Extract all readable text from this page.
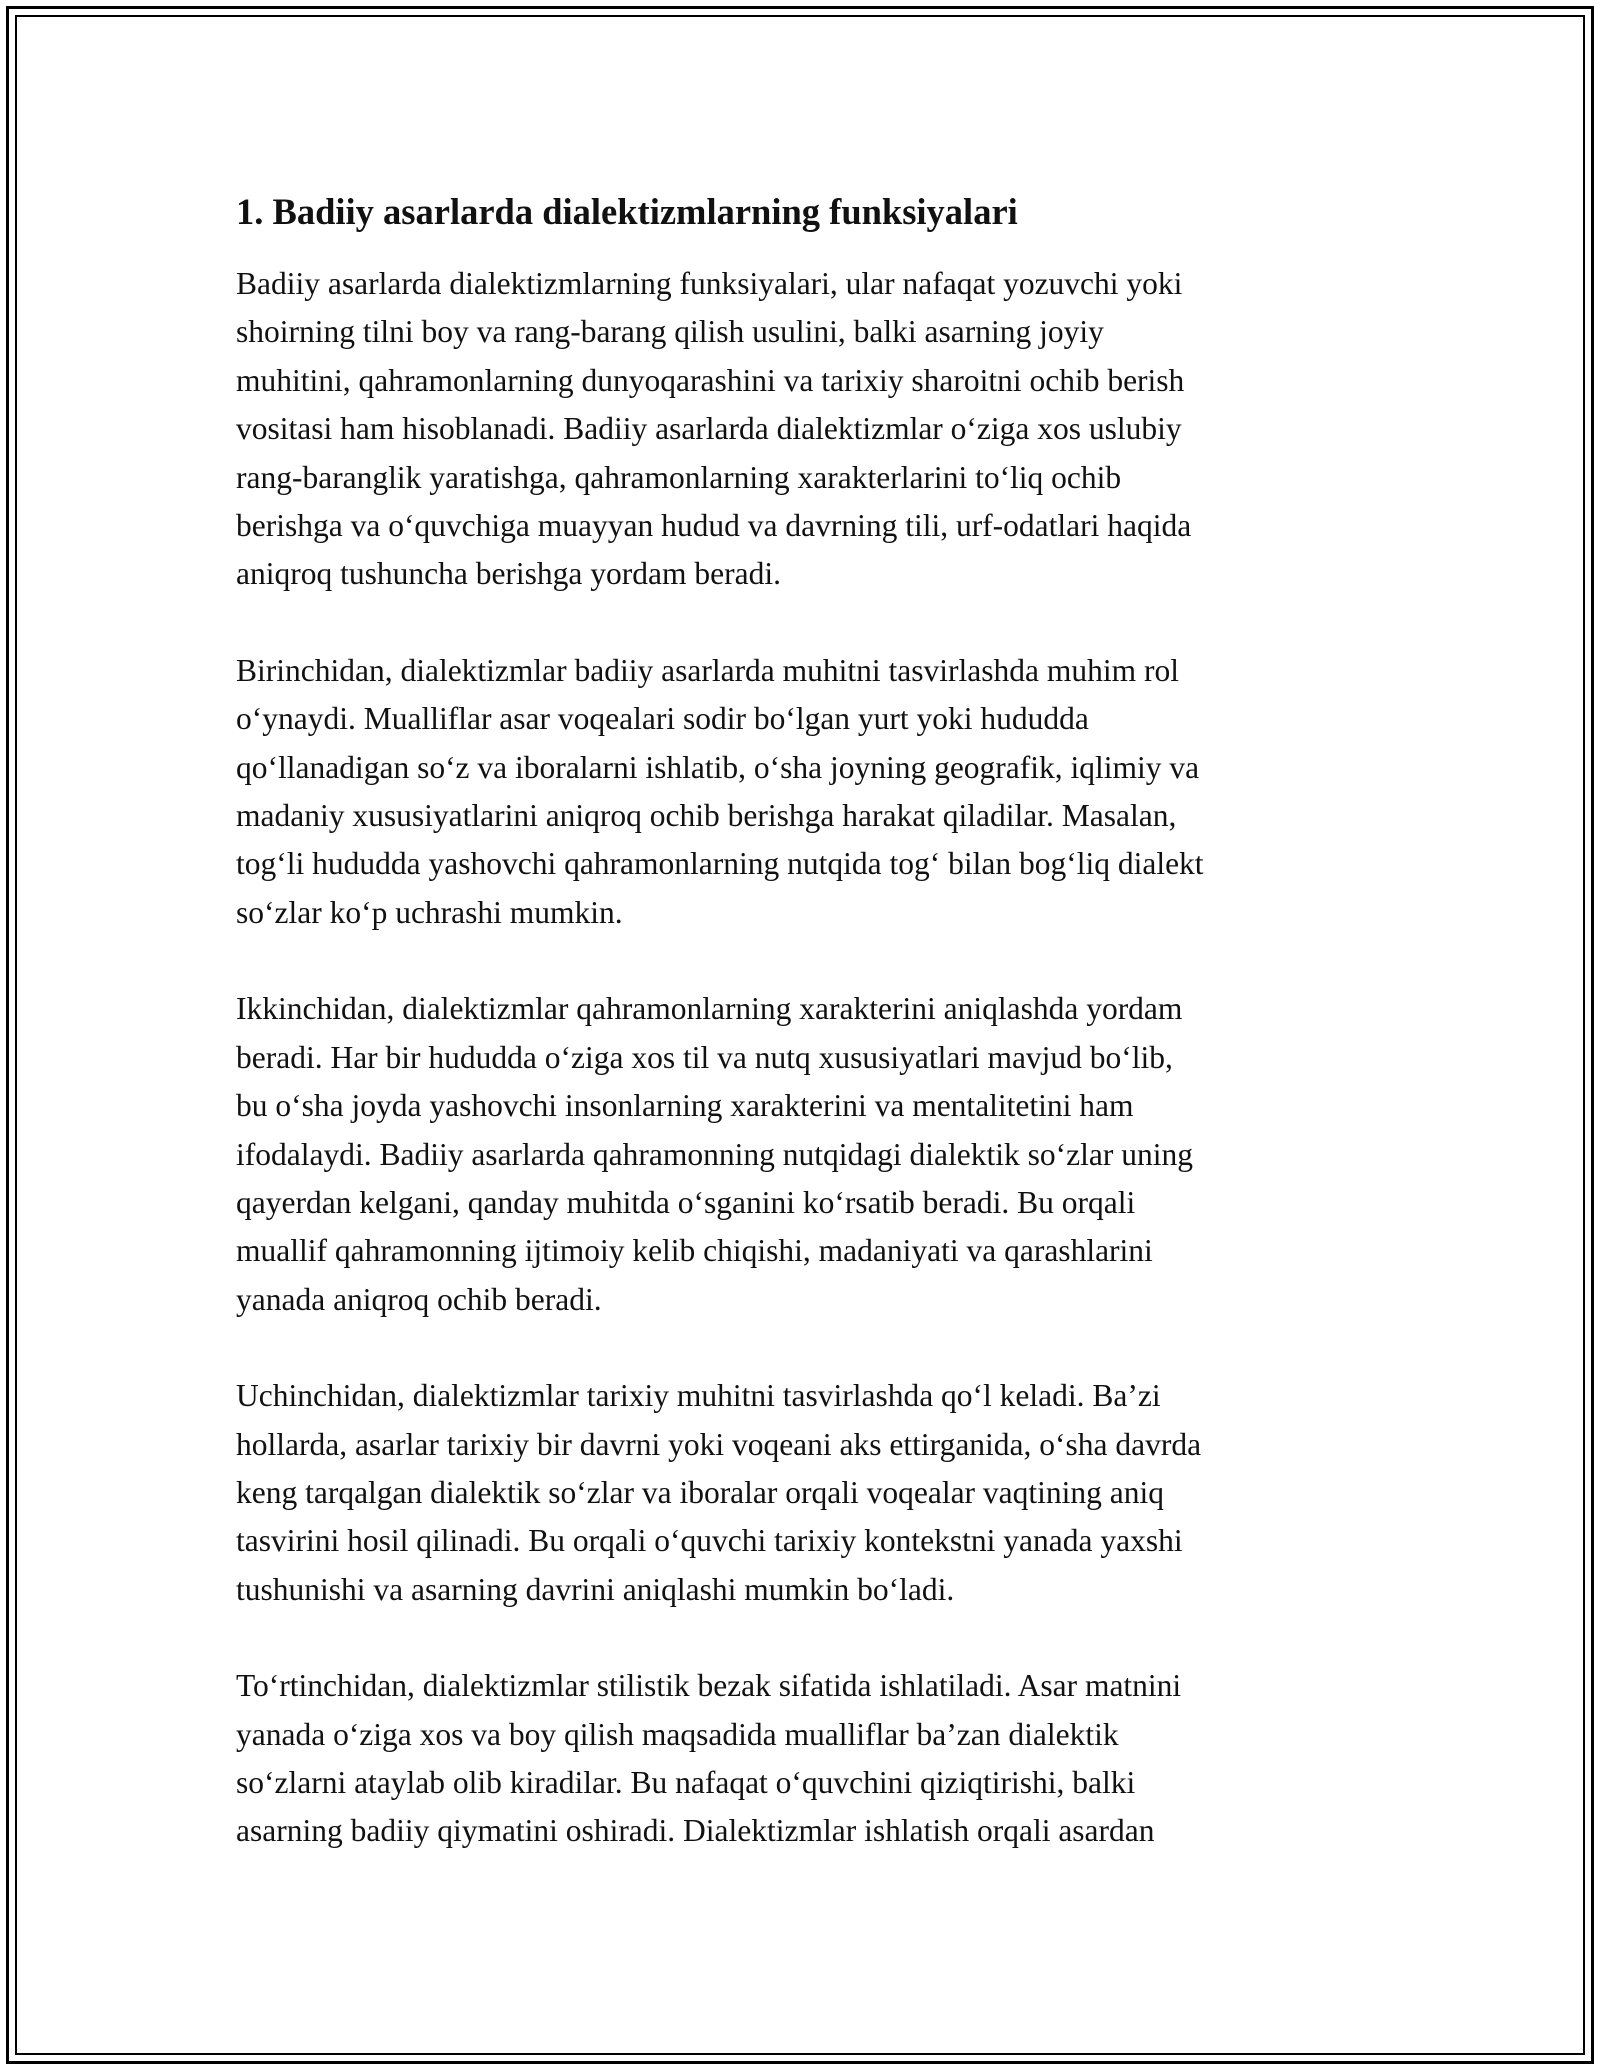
1. Badiiy asarlarda dialektizmlarning funksiyalari
Badiiy asarlarda dialektizmlarning funksiyalari, ular nafaqat yozuvchi yoki
shoirning tilni boy va rang-barang qilish usulini, balki asarning joyiy
muhitini, qahramonlarning dunyoqarashini va tarixiy sharoitni ochib berish
vositasi ham hisoblanadi. Badiiy asarlarda dialektizmlar o‘ziga xos uslubiy
rang-baranglik yaratishga, qahramonlarning xarakterlarini to‘liq ochib
berishga va o‘quvchiga muayyan hudud va davrning tili, urf-odatlari haqida
aniqroq tushuncha berishga yordam beradi.
Birinchidan, dialektizmlar badiiy asarlarda muhitni tasvirlashda muhim rol
o‘ynaydi. Mualliflar asar voqealari sodir bo‘lgan yurt yoki hududda
qo‘llanadigan so‘z va iboralarni ishlatib, o‘sha joyning geografik, iqlimiy va
madaniy xususiyatlarini aniqroq ochib berishga harakat qiladilar. Masalan,
tog‘li hududda yashovchi qahramonlarning nutqida tog‘ bilan bog‘liq dialekt
so‘zlar ko‘p uchrashi mumkin.
Ikkinchidan, dialektizmlar qahramonlarning xarakterini aniqlashda yordam
beradi. Har bir hududda o‘ziga xos til va nutq xususiyatlari mavjud bo‘lib,
bu o‘sha joyda yashovchi insonlarning xarakterini va mentalitetini ham
ifodalaydi. Badiiy asarlarda qahramonning nutqidagi dialektik so‘zlar uning
qayerdan kelgani, qanday muhitda o‘sganini ko‘rsatib beradi. Bu orqali
muallif qahramonning ijtimoiy kelib chiqishi, madaniyati va qarashlarini
yanada aniqroq ochib beradi.
Uchinchidan, dialektizmlar tarixiy muhitni tasvirlashda qo‘l keladi. Ba’zi
hollarda, asarlar tarixiy bir davrni yoki voqeani aks ettirganida, o‘sha davrda
keng tarqalgan dialektik so‘zlar va iboralar orqali voqealar vaqtining aniq
tasvirini hosil qilinadi. Bu orqali o‘quvchi tarixiy kontekstni yanada yaxshi
tushunishi va asarning davrini aniqlashi mumkin bo‘ladi.
To‘rtinchidan, dialektizmlar stilistik bezak sifatida ishlatiladi. Asar matnini
yanada o‘ziga xos va boy qilish maqsadida mualliflar ba’zan dialektik
so‘zlarni ataylab olib kiradilar. Bu nafaqat o‘quvchini qiziqtirishi, balki
asarning badiiy qiymatini oshiradi. Dialektizmlar ishlatish orqali asardan
